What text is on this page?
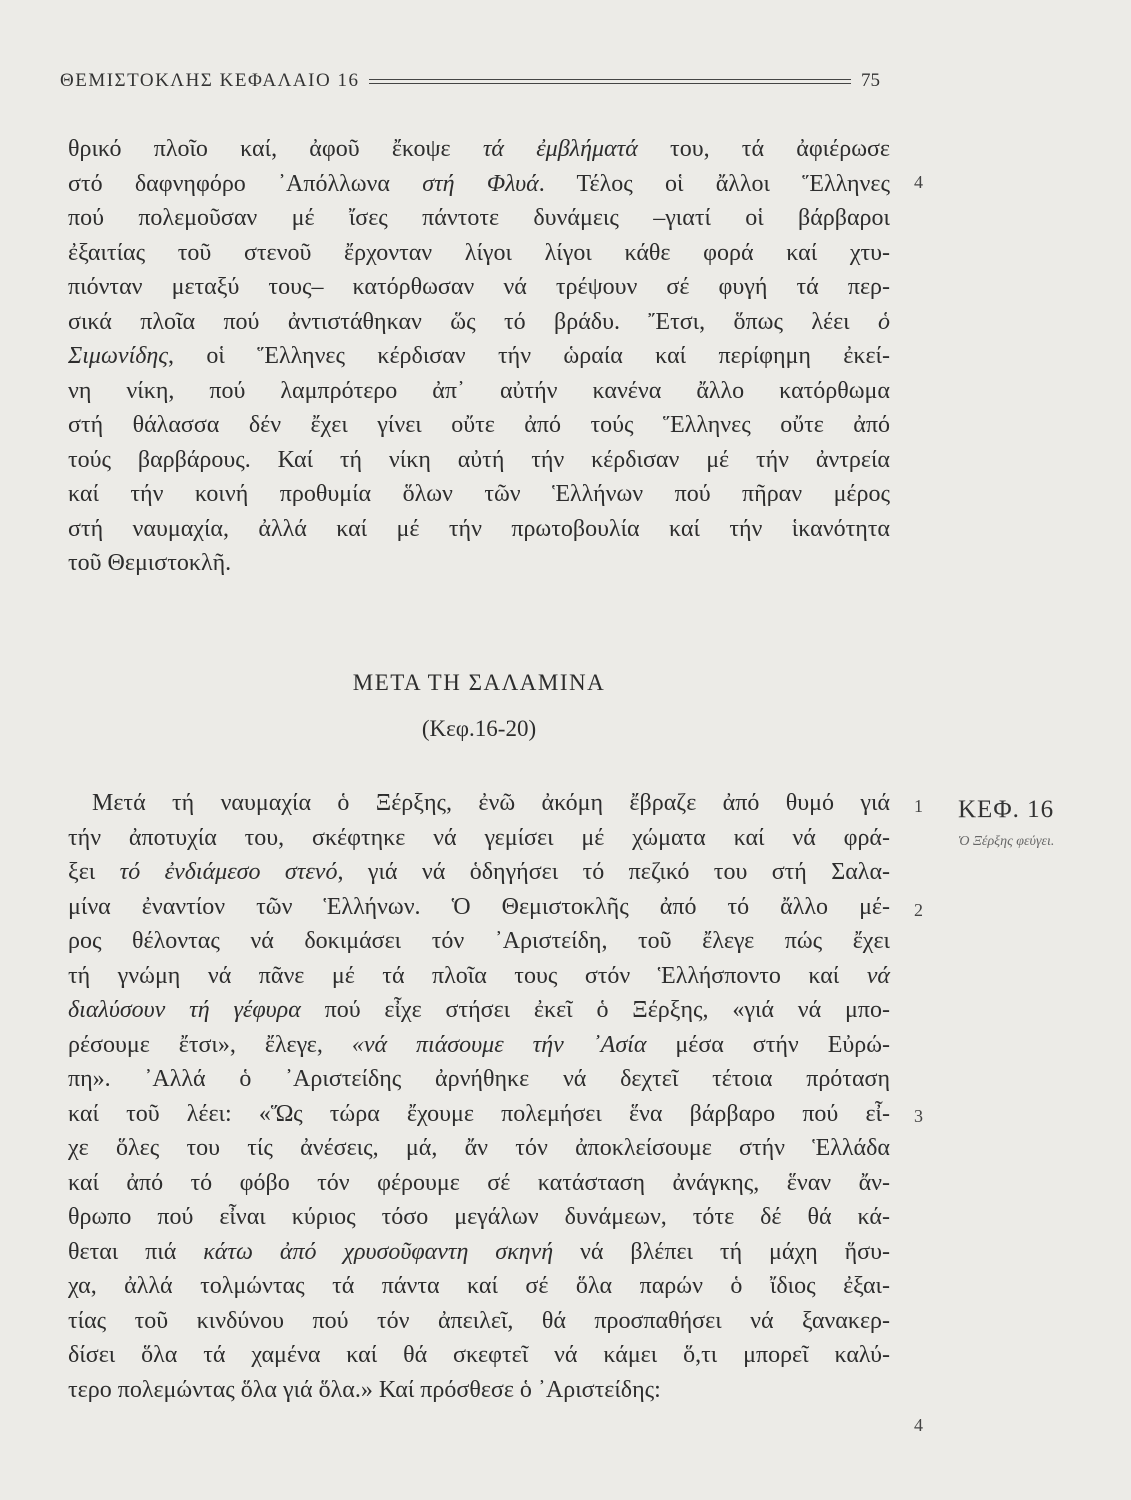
ΘΕΜΙΣΤΟΚΛΗΣ ΚΕΦΑΛΑΙΟ 16	75
θρικό πλοῖο καί, ἀφοῦ ἔκοψε τά ἐμβλήματά του, τά ἀφιέρωσε
στό δαφνηφόρο ᾿Απόλλωνα στή Φλυά. Τέλος οἱ ἄλλοι Ἕλληνες
πού πολεμοῦσαν μέ ἴσες πάντοτε δυνάμεις –γιατί οἱ βάρβαροι
ἐξαιτίας τοῦ στενοῦ ἔρχονταν λίγοι λίγοι κάθε φορά καί χτυ-
πιόνταν μεταξύ τους– κατόρθωσαν νά τρέψουν σέ φυγή τά περ-
σικά πλοῖα πού ἀντιστάθηκαν ὥς τό βράδυ. Ἔτσι, ὅπως λέει ὁ
Σιμωνίδης, οἱ Ἕλληνες κέρδισαν τήν ὡραία καί περίφημη ἐκεί-
νη νίκη, πού λαμπρότερο ἀπ᾿ αὐτήν κανένα ἄλλο κατόρθωμα
στή θάλασσα δέν ἔχει γίνει οὔτε ἀπό τούς Ἕλληνες οὔτε ἀπό
τούς βαρβάρους. Καί τή νίκη αὐτή τήν κέρδισαν μέ τήν ἀντρεία
καί τήν κοινή προθυμία ὅλων τῶν Ἑλλήνων πού πῆραν μέρος
στή ναυμαχία, ἀλλά καί μέ τήν πρωτοβουλία καί τήν ἱκανότητα
τοῦ Θεμιστοκλῆ.
ΜΕΤΑ ΤΗ ΣΑΛΑΜΙΝΑ
(Κεφ.16-20)
Μετά τή ναυμαχία ὁ Ξέρξης, ἐνῶ ἀκόμη ἔβραζε ἀπό θυμό γιά
τήν ἀποτυχία του, σκέφτηκε νά γεμίσει μέ χώματα καί νά φρά-
ξει τό ἐνδιάμεσο στενό, γιά νά ὁδηγήσει τό πεζικό του στή Σαλα-
μίνα ἐναντίον τῶν Ἑλλήνων. Ὁ Θεμιστοκλῆς ἀπό τό ἄλλο μέ-
ρος θέλοντας νά δοκιμάσει τόν ᾿Αριστείδη, τοῦ ἔλεγε πώς ἔχει
τή γνώμη νά πᾶνε μέ τά πλοῖα τους στόν Ἑλλήσποντο καί νά
διαλύσουν τή γέφυρα πού εἶχε στήσει ἐκεῖ ὁ Ξέρξης, «γιά νά μπο-
ρέσουμε ἔτσι», ἔλεγε, «νά πιάσουμε τήν ᾿Ασία μέσα στήν Εὐρώ-
πη». ᾿Αλλά ὁ ᾿Αριστείδης ἀρνήθηκε νά δεχτεῖ τέτοια πρόταση
καί τοῦ λέει: «Ὥς τώρα ἔχουμε πολεμήσει ἕνα βάρβαρο πού εἶ-
χε ὅλες του τίς ἀνέσεις, μά, ἄν τόν ἀποκλείσουμε στήν Ἑλλάδα
καί ἀπό τό φόβο τόν φέρουμε σέ κατάσταση ἀνάγκης, ἕναν ἄν-
θρωπο πού εἶναι κύριος τόσο μεγάλων δυνάμεων, τότε δέ θά κά-
θεται πιά κάτω ἀπό χρυσοῦφαντη σκηνή νά βλέπει τή μάχη ἥσυ-
χα, ἀλλά τολμώντας τά πάντα καί σέ ὅλα παρών ὁ ἴδιος ἐξαι-
τίας τοῦ κινδύνου πού τόν ἀπειλεῖ, θά προσπαθήσει νά ξανακερ-
δίσει ὅλα τά χαμένα καί θά σκεφτεῖ νά κάμει ὅ,τι μπορεῖ καλύ-
τερο πολεμώντας ὅλα γιά ὅλα.» Καί πρόσθεσε ὁ ᾿Αριστείδης:
4
1
2
3
4
ΚΕΦ. 16
Ὁ Ξέρξης φεύγει.
